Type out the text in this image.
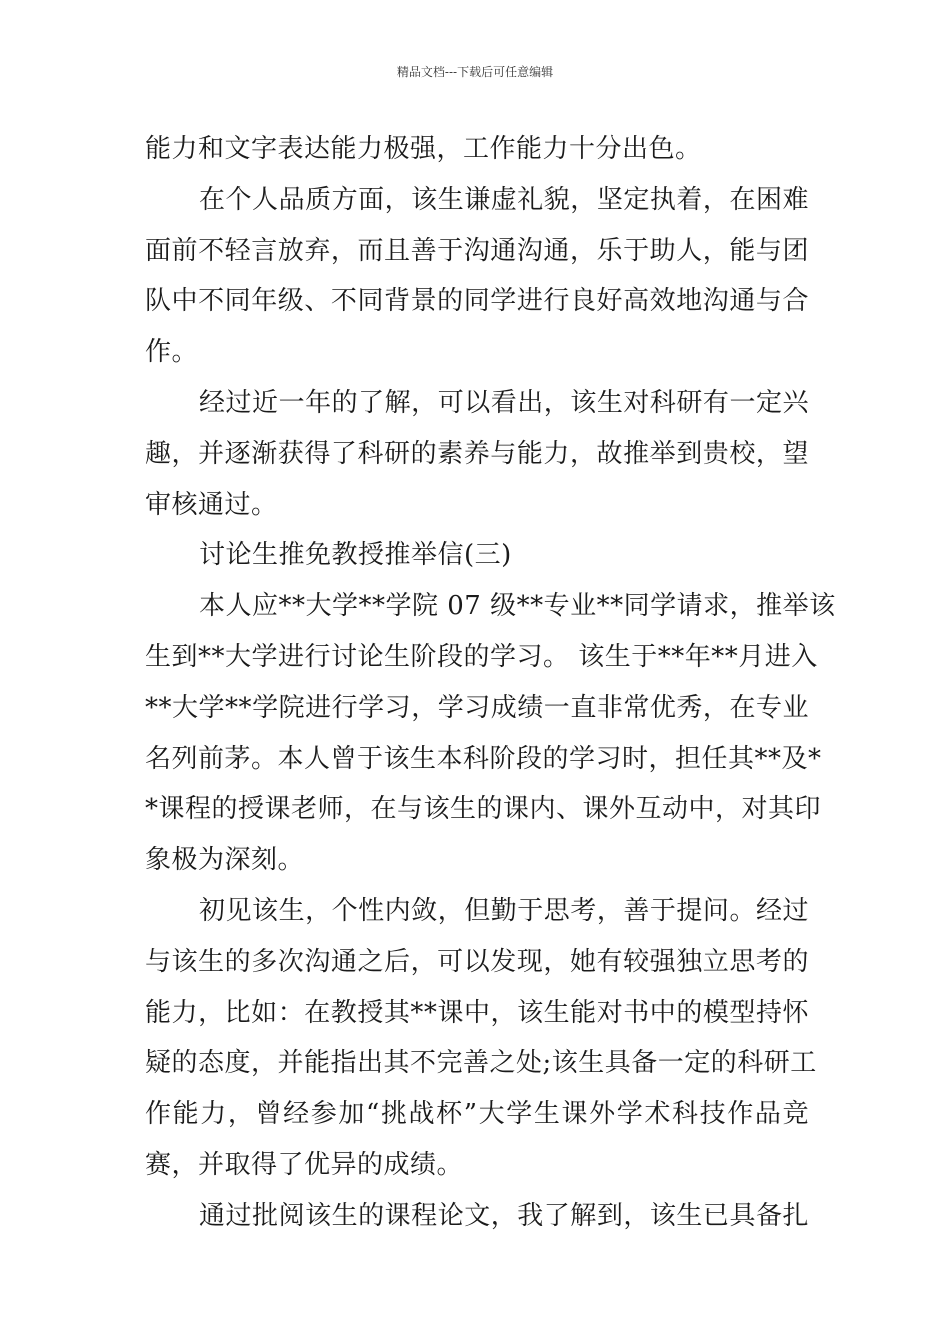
精品文档---下载后可任意编辑
能力和文字表达能力极强，工作能力十分出色。
在个人品质方面，该生谦虚礼貌，坚定执着，在困难
面前不轻言放弃，而且善于沟通沟通，乐于助人，能与团
队中不同年级、不同背景的同学进行良好高效地沟通与合
作。
经过近一年的了解，可以看出，该生对科研有一定兴
趣，并逐渐获得了科研的素养与能力，故推举到贵校，望
审核通过。
讨论生推免教授推举信(三)
本人应**大学**学院 07 级**专业**同学请求，推举该
生到**大学进行讨论生阶段的学习。 该生于**年**月进入
**大学**学院进行学习，学习成绩一直非常优秀，在专业
名列前茅。本人曾于该生本科阶段的学习时，担任其**及*
*课程的授课老师，在与该生的课内、课外互动中，对其印
象极为深刻。
初见该生，个性内敛，但勤于思考，善于提问。经过
与该生的多次沟通之后，可以发现，她有较强独立思考的
能力，比如：在教授其**课中，该生能对书中的模型持怀
疑的态度，并能指出其不完善之处;该生具备一定的科研工
作能力，曾经参加“挑战杯”大学生课外学术科技作品竞
赛，并取得了优异的成绩。
通过批阅该生的课程论文，我了解到，该生已具备扎
